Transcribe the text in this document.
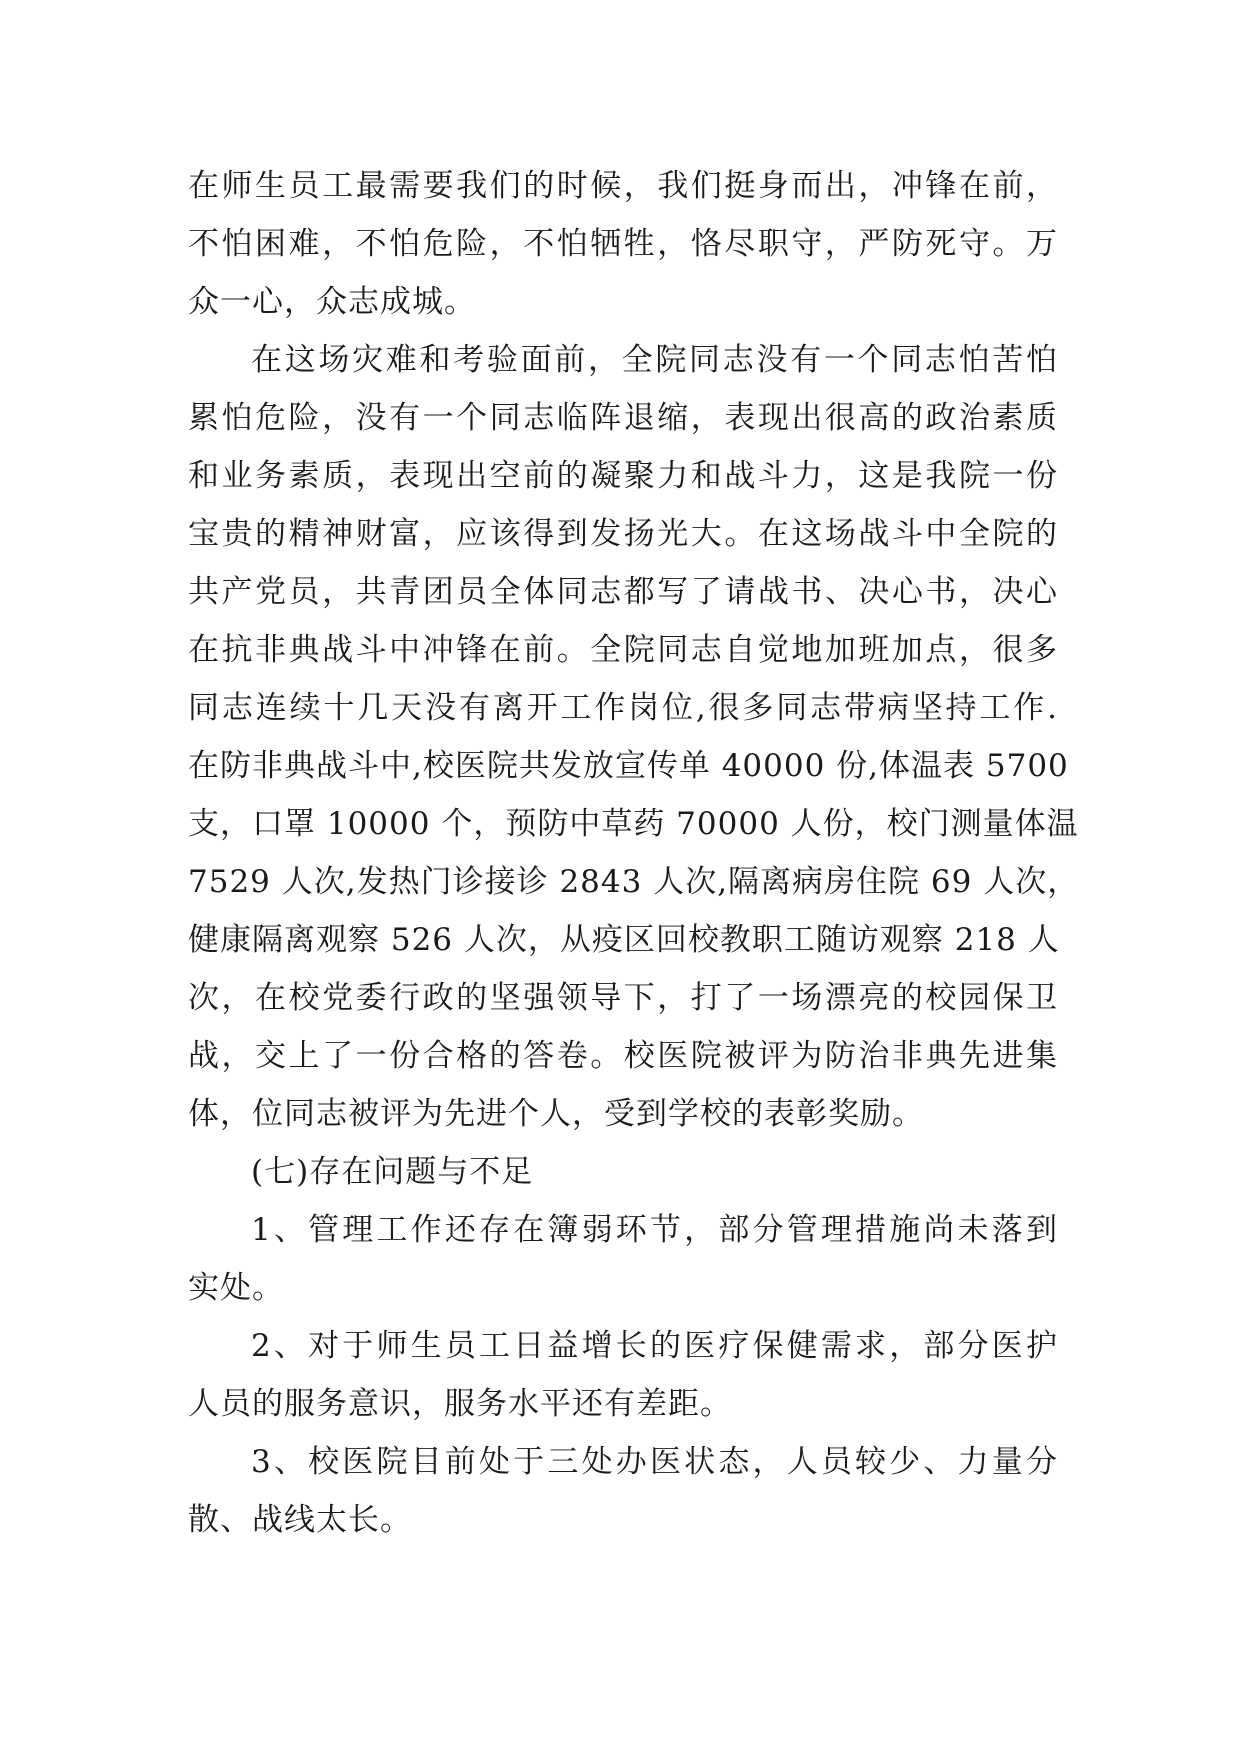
在师生员工最需要我们的时候，我们挺身而出，冲锋在前，
不怕困难，不怕危险，不怕牺牲，恪尽职守，严防死守。万
众一心，众志成城。
在这场灾难和考验面前，全院同志没有一个同志怕苦怕
累怕危险，没有一个同志临阵退缩，表现出很高的政治素质
和业务素质，表现出空前的凝聚力和战斗力，这是我院一份
宝贵的精神财富，应该得到发扬光大。在这场战斗中全院的
共产党员，共青团员全体同志都写了请战书、决心书，决心
在抗非典战斗中冲锋在前。全院同志自觉地加班加点，很多
同志连续十几天没有离开工作岗位,很多同志带病坚持工作.
在防非典战斗中,校医院共发放宣传单 40000 份,体温表 5700
支，口罩 10000 个，预防中草药 70000 人份，校门测量体温
7529 人次,发热门诊接诊 2843 人次,隔离病房住院 69 人次，
健康隔离观察 526 人次，从疫区回校教职工随访观察 218 人
次，在校党委行政的坚强领导下，打了一场漂亮的校园保卫
战，交上了一份合格的答卷。校医院被评为防治非典先进集
体，位同志被评为先进个人，受到学校的表彰奖励。
(七)存在问题与不足
1、管理工作还存在簿弱环节，部分管理措施尚未落到
实处。
2、对于师生员工日益增长的医疗保健需求，部分医护
人员的服务意识，服务水平还有差距。
3、校医院目前处于三处办医状态，人员较少、力量分
散、战线太长。
